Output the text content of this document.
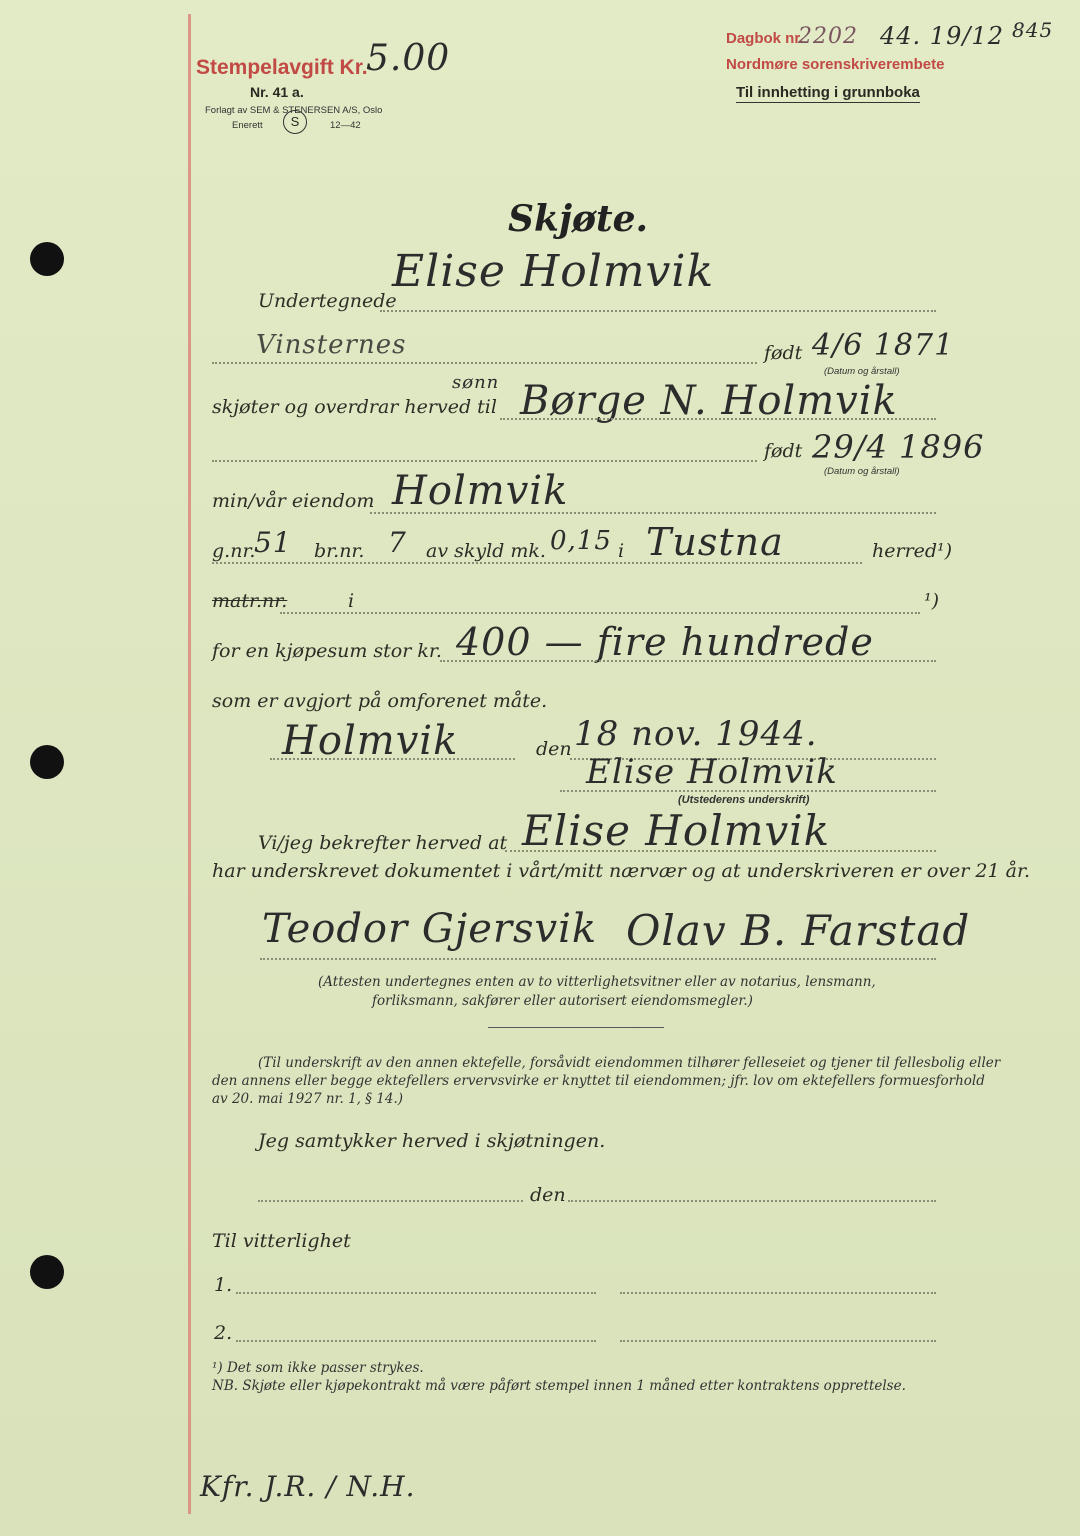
Stempelavgift Kr.
5.00
Nr. 41 a.
Forlagt av SEM & STENERSEN A/S, Oslo
Enerett	S	12—42
Dagbok nr.
2202 44. 19/12 845
Nordmøre sorenskriverembete
Til innhetting i grunnboka
Skjøte.
Undertegnede
Elise Holmvik
Vinsternes	født 4/6 1871
(Datum og årstall)
skjøter og overdrar herved til
sønn Børge N. Holmvik
født 29/4 1896
(Datum og årstall)
min/vår eiendom Holmvik
g.nr.
51 br.nr. 7 av skyld mk. 0,15 i Tustna	herred¹)
matr.nr.	i	¹)
for en kjøpesum stor kr. 400 — fire hundrede
som er avgjort på omforenet måte.
Holmvik	den 18 nov. 1944.
Elise Holmvik
(Utstederens underskrift)
Vi/jeg bekrefter herved at Elise Holmvik
har underskrevet dokumentet i vårt/mitt nærvær og at underskriveren er over 21 år.
Teodor Gjersvik Olav B. Farstad
(Attesten undertegnes enten av to vitterlighetsvitner eller av notarius, lensmann,
forliksmann, sakfører eller autorisert eiendomsmegler.)
(Til underskrift av den annen ektefelle, forsåvidt eiendommen tilhører felleseiet og tjener til fellesbolig eller
den annens eller begge ektefellers ervervsvirke er knyttet til eiendommen; jfr. lov om ektefellers formuesforhold
av 20. mai 1927 nr. 1, § 14.)
Jeg samtykker herved i skjøtningen.
den
Til vitterlighet
1.
2.
¹) Det som ikke passer strykes.
NB. Skjøte eller kjøpekontrakt må være påført stempel innen 1 måned etter kontraktens opprettelse.
Kfr. J.R. / N.H.
